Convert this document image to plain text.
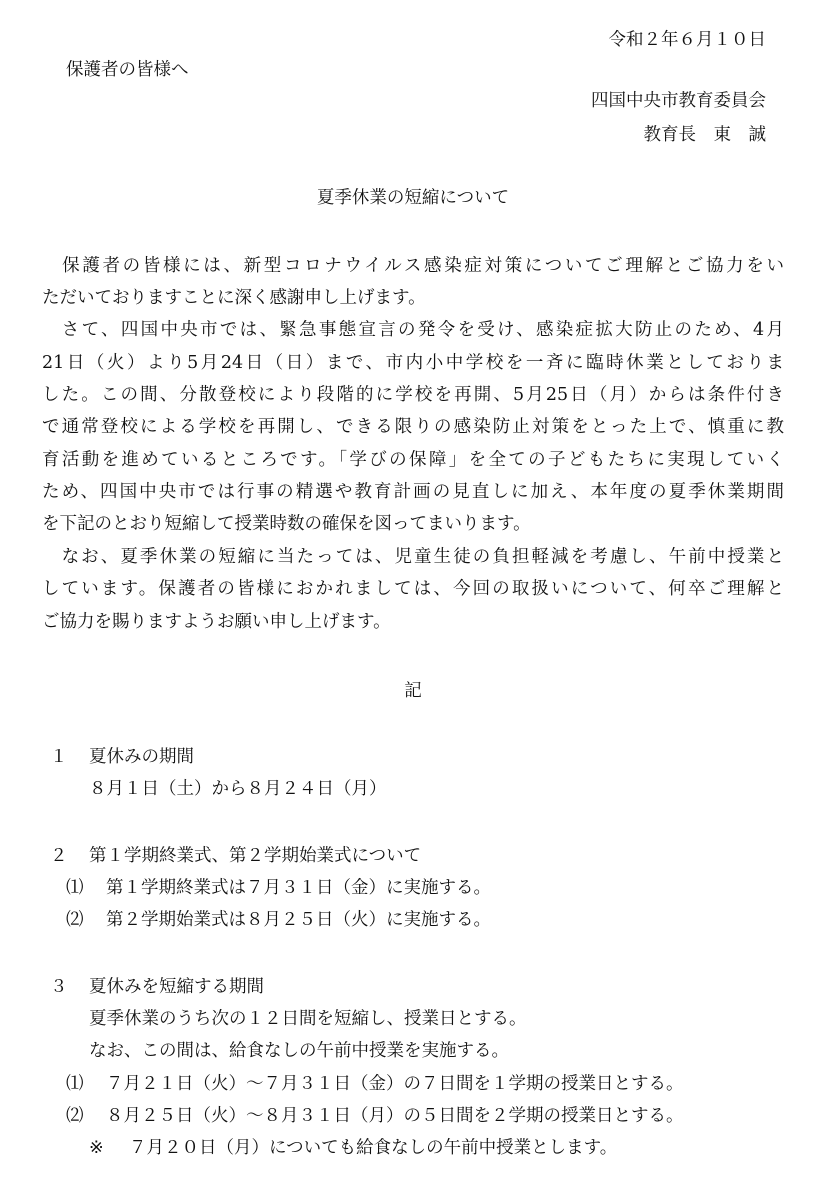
令和２年６月１０日
保護者の皆様へ
四国中央市教育委員会
教育長　東　誠
夏季休業の短縮について
　保護者の皆様には、新型コロナウイルス感染症対策についてご理解とご協力をい
ただいておりますことに深く感謝申し上げます。
　さて、四国中央市では、緊急事態宣言の発令を受け、感染症拡大防止のため、4月
21日（火）より5月24日（日）まで、市内小中学校を一斉に臨時休業としておりま
した。この間、分散登校により段階的に学校を再開、5月25日（月）からは条件付き
で通常登校による学校を再開し、できる限りの感染防止対策をとった上で、慎重に教
育活動を進めているところです。「学びの保障」を全ての子どもたちに実現していく
ため、四国中央市では行事の精選や教育計画の見直しに加え、本年度の夏季休業期間
を下記のとおり短縮して授業時数の確保を図ってまいります。
　なお、夏季休業の短縮に当たっては、児童生徒の負担軽減を考慮し、午前中授業と
しています。保護者の皆様におかれましては、今回の取扱いについて、何卒ご理解と
ご協力を賜りますようお願い申し上げます。
記
１ 夏休みの期間
８月１日（土）から８月２４日（月）
２ 第１学期終業式、第２学期始業式について
⑴ 第１学期終業式は７月３１日（金）に実施する。
⑵ 第２学期始業式は８月２５日（火）に実施する。
３ 夏休みを短縮する期間
夏季休業のうち次の１２日間を短縮し、授業日とする。
なお、この間は、給食なしの午前中授業を実施する。
⑴ ７月２１日（火）～７月３１日（金）の７日間を１学期の授業日とする。
⑵ ８月２５日（火）～８月３１日（月）の５日間を２学期の授業日とする。
※ ７月２０日（月）についても給食なしの午前中授業とします。
